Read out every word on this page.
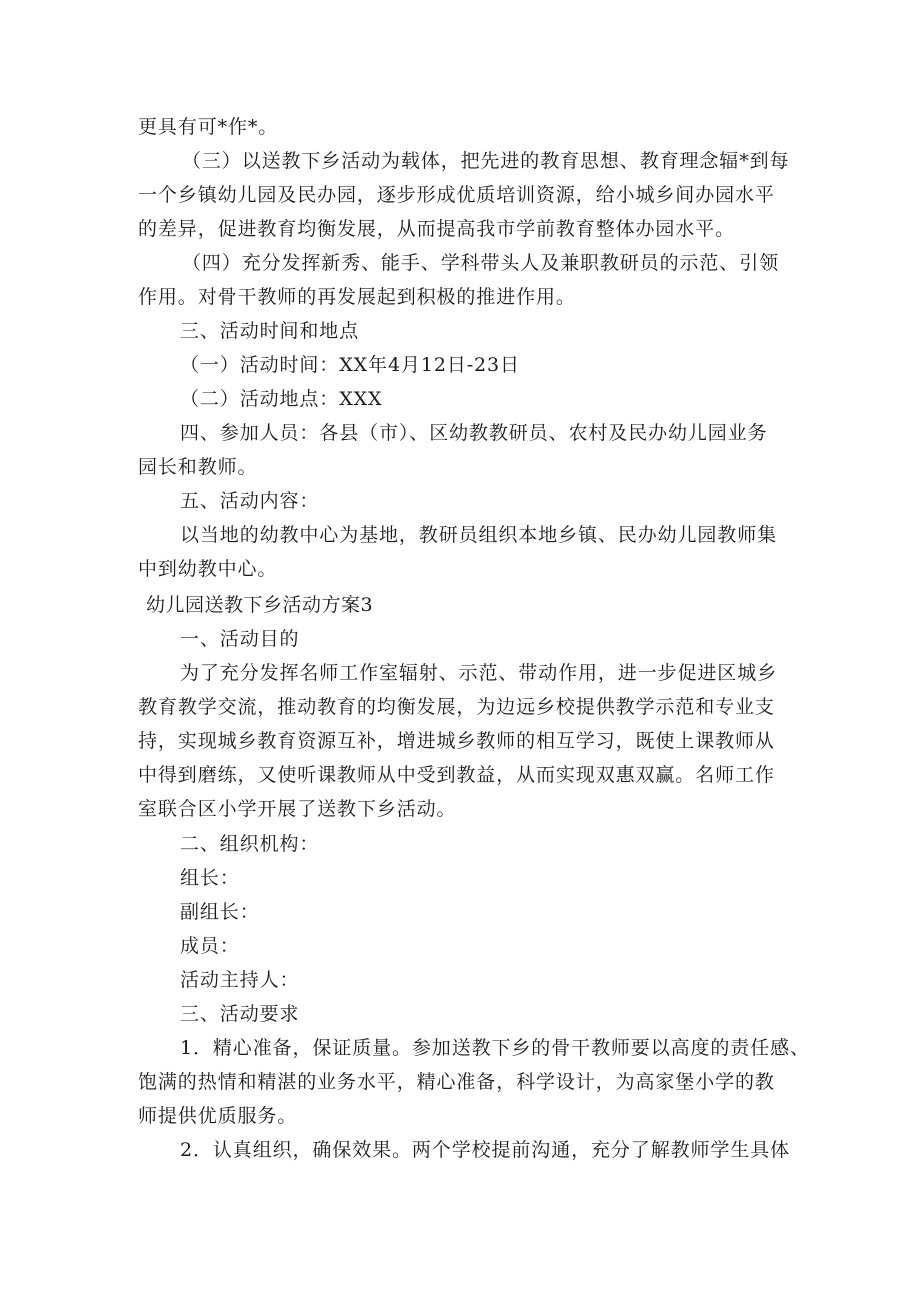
更具有可*作*。

（三）以送教下乡活动为载体，把先进的教育思想、教育理念辐*到每

一个乡镇幼儿园及民办园，逐步形成优质培训资源，给小城乡间办园水平

的差异，促进教育均衡发展，从而提高我市学前教育整体办园水平。

（四）充分发挥新秀、能手、学科带头人及兼职教研员的示范、引领

作用。对骨干教师的再发展起到积极的推进作用。

三、活动时间和地点

（一）活动时间：XX年4月12日-23日

（二）活动地点：XXX

四、参加人员：各县（市）、区幼教教研员、农村及民办幼儿园业务

园长和教师。

五、活动内容：

以当地的幼教中心为基地，教研员组织本地乡镇、民办幼儿园教师集

中到幼教中心。

幼儿园送教下乡活动方案3

一、活动目的

为了充分发挥名师工作室辐射、示范、带动作用，进一步促进区城乡

教育教学交流，推动教育的均衡发展，为边远乡校提供教学示范和专业支

持，实现城乡教育资源互补，增进城乡教师的相互学习，既使上课教师从

中得到磨练，又使听课教师从中受到教益，从而实现双惠双赢。名师工作

室联合区小学开展了送教下乡活动。

二、组织机构：

组长：

副组长：

成员：

活动主持人：

三、活动要求

1．精心准备，保证质量。参加送教下乡的骨干教师要以高度的责任感、

饱满的热情和精湛的业务水平，精心准备，科学设计，为高家堡小学的教

师提供优质服务。

2．认真组织，确保效果。两个学校提前沟通，充分了解教师学生具体
